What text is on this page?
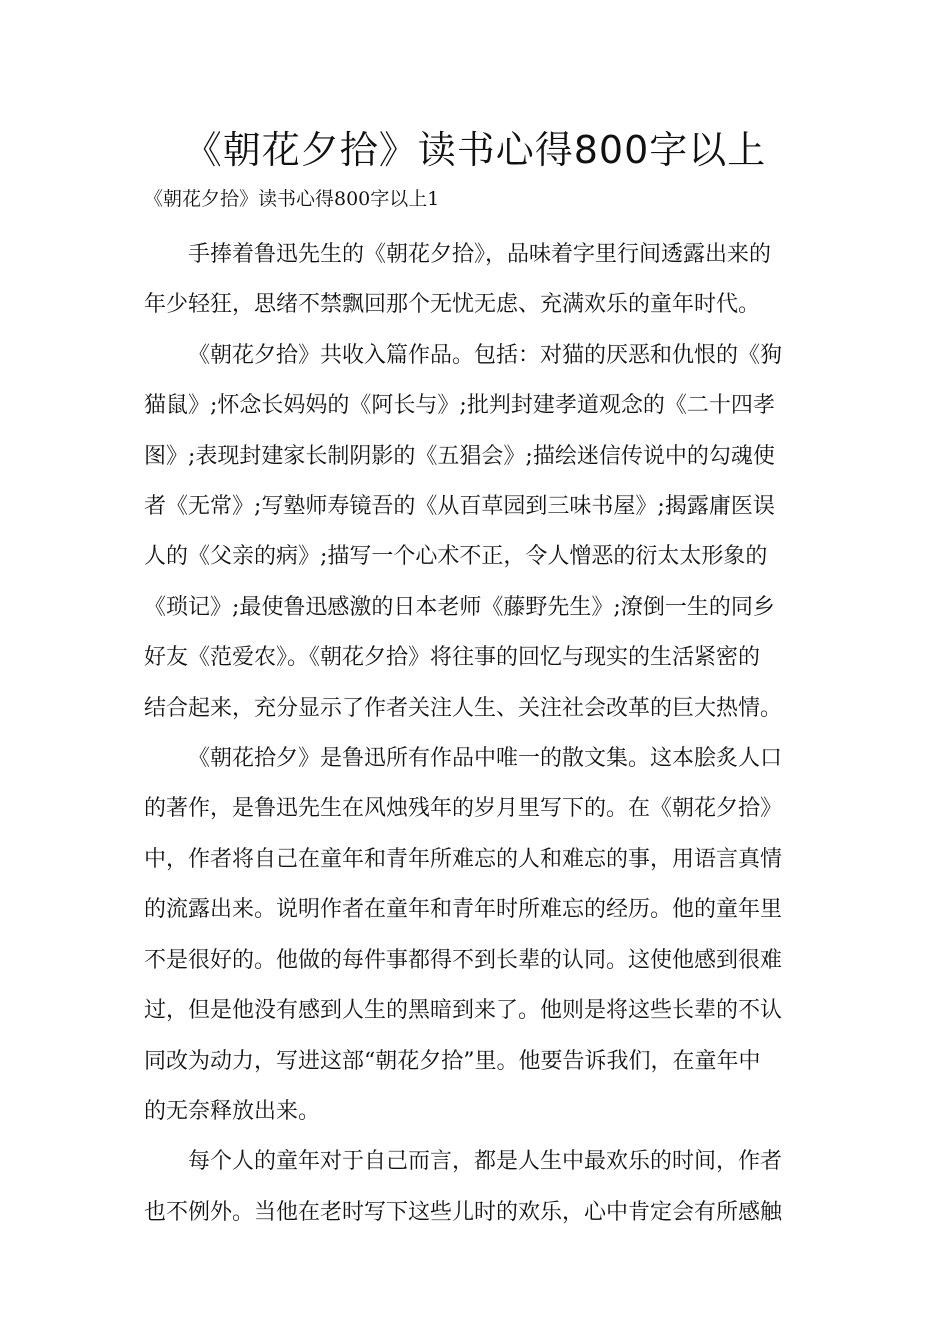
《朝花夕拾》读书心得800字以上
《朝花夕拾》读书心得800字以上1

手捧着鲁迅先生的《朝花夕拾》，品味着字里行间透露出来的
年少轻狂，思绪不禁飘回那个无忧无虑、充满欢乐的童年时代。

《朝花夕拾》共收入篇作品。包括：对猫的厌恶和仇恨的《狗
猫鼠》;怀念长妈妈的《阿长与》;批判封建孝道观念的《二十四孝
图》;表现封建家长制阴影的《五猖会》;描绘迷信传说中的勾魂使
者《无常》;写塾师寿镜吾的《从百草园到三味书屋》;揭露庸医误
人的《父亲的病》;描写一个心术不正，令人憎恶的衍太太形象的
《琐记》;最使鲁迅感激的日本老师《藤野先生》;潦倒一生的同乡
好友《范爱农》。《朝花夕拾》将往事的回忆与现实的生活紧密的
结合起来，充分显示了作者关注人生、关注社会改革的巨大热情。

《朝花拾夕》是鲁迅所有作品中唯一的散文集。这本脍炙人口
的著作，是鲁迅先生在风烛残年的岁月里写下的。在《朝花夕拾》
中，作者将自己在童年和青年所难忘的人和难忘的事，用语言真情
的流露出来。说明作者在童年和青年时所难忘的经历。他的童年里
不是很好的。他做的每件事都得不到长辈的认同。这使他感到很难
过，但是他没有感到人生的黑暗到来了。他则是将这些长辈的不认
同改为动力，写进这部“朝花夕拾”里。他要告诉我们，在童年中
的无奈释放出来。

每个人的童年对于自己而言，都是人生中最欢乐的时间，作者
也不例外。当他在老时写下这些儿时的欢乐，心中肯定会有所感触
